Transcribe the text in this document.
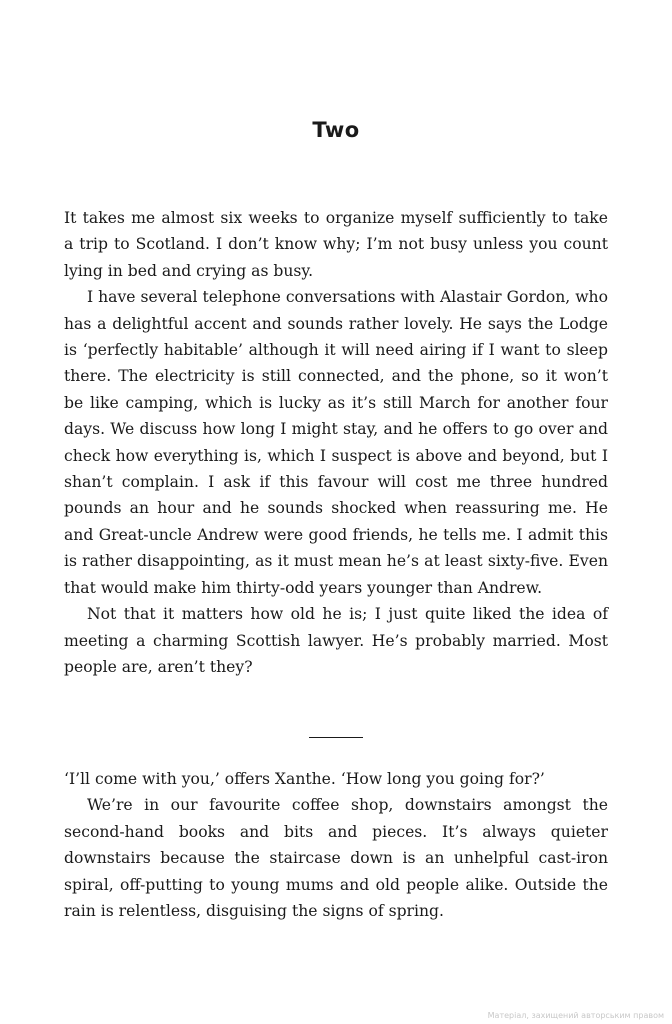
Two

It takes me almost six weeks to organize myself sufficiently to take a trip to Scotland. I don’t know why; I’m not busy unless you count lying in bed and crying as busy.

I have several telephone conversations with Alastair Gordon, who has a delightful accent and sounds rather lovely. He says the Lodge is ‘perfectly habitable’ although it will need airing if I want to sleep there. The electricity is still connected, and the phone, so it won’t be like camping, which is lucky as it’s still March for another four days. We discuss how long I might stay, and he offers to go over and check how everything is, which I suspect is above and beyond, but I shan’t complain. I ask if this favour will cost me three hundred pounds an hour and he sounds shocked when reassuring me. He and Great-uncle Andrew were good friends, he tells me. I admit this is rather disappointing, as it must mean he’s at least sixty-five. Even that would make him thirty-odd years younger than Andrew.

Not that it matters how old he is; I just quite liked the idea of meeting a charming Scottish lawyer. He’s probably married. Most people are, aren’t they?

‘I’ll come with you,’ offers Xanthe. ‘How long you going for?’

We’re in our favourite coffee shop, downstairs amongst the second-hand books and bits and pieces. It’s always quieter downstairs because the staircase down is an unhelpful cast-iron spiral, off-putting to young mums and old people alike. Outside the rain is relentless, disguising the signs of spring.

Матеріал, захищений авторським правом
